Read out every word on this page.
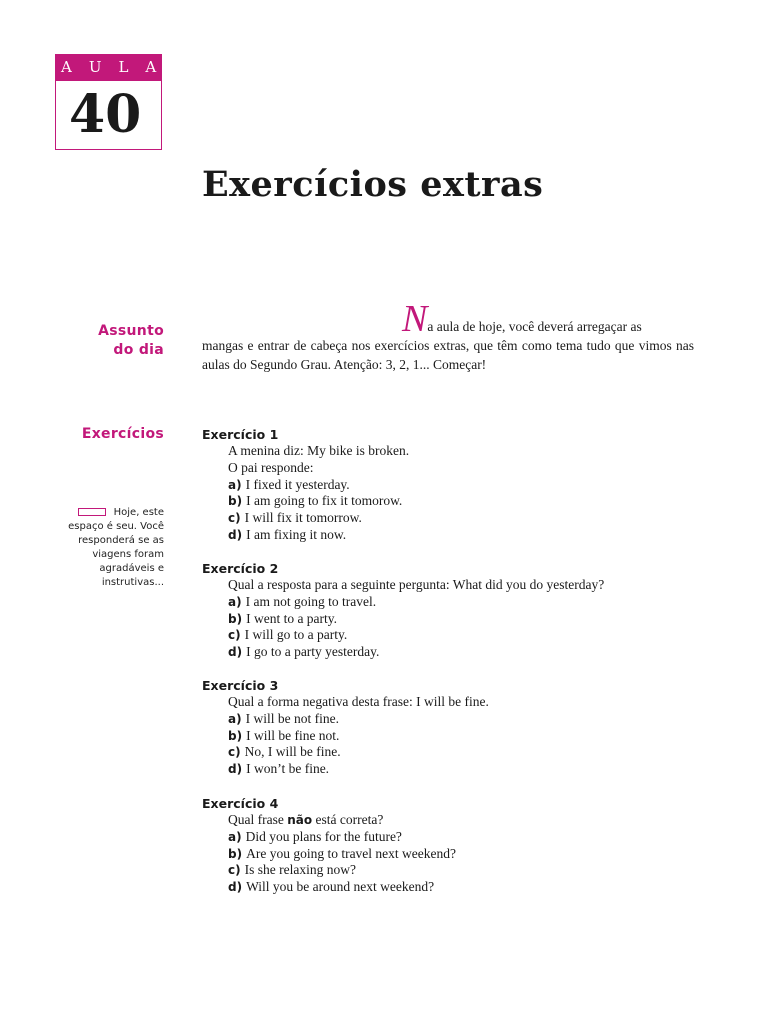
AULA
40
Exercícios extras
Assunto
do dia
Na aula de hoje, você deverá arregaçar as
mangas e entrar de cabeça nos exercícios extras, que têm como tema tudo que vimos nas aulas do Segundo Grau. Atenção: 3, 2, 1... Começar!
Exercícios
Hoje, este
espaço é seu. Você
responderá se as
viagens foram
agradáveis e
instrutivas...
Exercício 1
A menina diz: My bike is broken.
O pai responde:
a) I fixed it yesterday.
b) I am going to fix it tomorow.
c) I will fix it tomorrow.
d) I am fixing it now.
Exercício 2
Qual a resposta para a seguinte pergunta: What did you do yesterday?
a) I am not going to travel.
b) I went to a party.
c) I will go to a party.
d) I go to a party yesterday.
Exercício 3
Qual a forma negativa desta frase: I will be fine.
a) I will be not fine.
b) I will be fine not.
c) No, I will be fine.
d) I won’t be fine.
Exercício 4
Qual frase não está correta?
a) Did you plans for the future?
b) Are you going to travel next weekend?
c) Is she relaxing now?
d) Will you be around next weekend?
